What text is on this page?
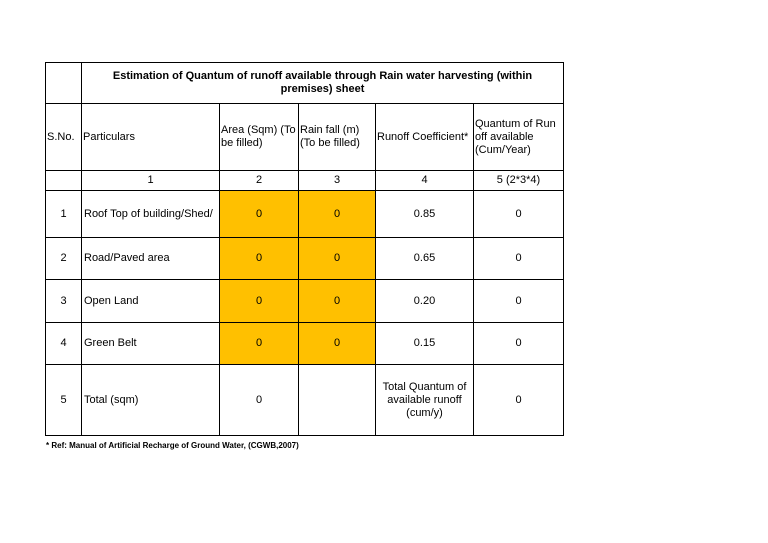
	Estimation of Quantum of runoff available through Rain water harvesting (within premises) sheet				
S.No.	Particulars	Area (Sqm) (To be filled)	Rain fall (m) (To be filled)	Runoff Coefficient*	Quantum of Run off available (Cum/Year)
	1	2	3	4	5 (2*3*4)
1	Roof Top of building/Shed/	0	0	0.85	0
2	Road/Paved area	0	0	0.65	0
3	Open Land	0	0	0.20	0
4	Green Belt	0	0	0.15	0
5	Total (sqm)	0		Total Quantum of available runoff (cum/y)	0
* Ref: Manual of Artificial Recharge of Ground Water, (CGWB,2007)
